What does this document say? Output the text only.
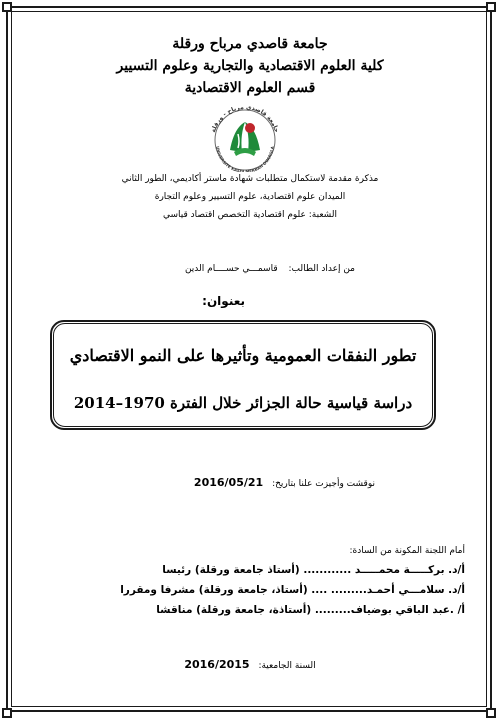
جامعة قاصدي مرباح ورقلة
كلية العلوم الاقتصادية والتجارية وعلوم التسيير
قسم العلوم الاقتصادية
جامعة قاصدي مرباح - ورقلة
UNIVERSITE KASDI MERBAH OUARGLA
مذكرة مقدمة لاستكمال متطلبات شهادة ماستر أكاديمي، الطور الثاني
الميدان علوم اقتصادية، علوم التسيير وعلوم التجارة
الشعبة: علوم اقتصادية التخصص اقتصاد قياسي
من إعداد الطالب: قاسمـــي حســــام الدين
بعنوان:
تطور النفقات العمومية وتأثيرها على النمو الاقتصادي
دراسة قياسية حالة الجزائر خلال الفترة 1970–2014
نوقشت وأجيزت علنا بتاريخ: 2016/05/21
أمام اللجنة المكونة من السادة:
أ/د. بركـــــة محمـــــد ............ (أستاذ جامعة ورقلة) رئيسا
أ/د. سلامـــي أحمـد......... .... (أستاذ، جامعة ورقلة) مشرفا ومقررا
أ/ .عبد الباقي بوضياف......... (أستاذة، جامعة ورقلة) مناقشا
السنة الجامعية: 2016/2015
